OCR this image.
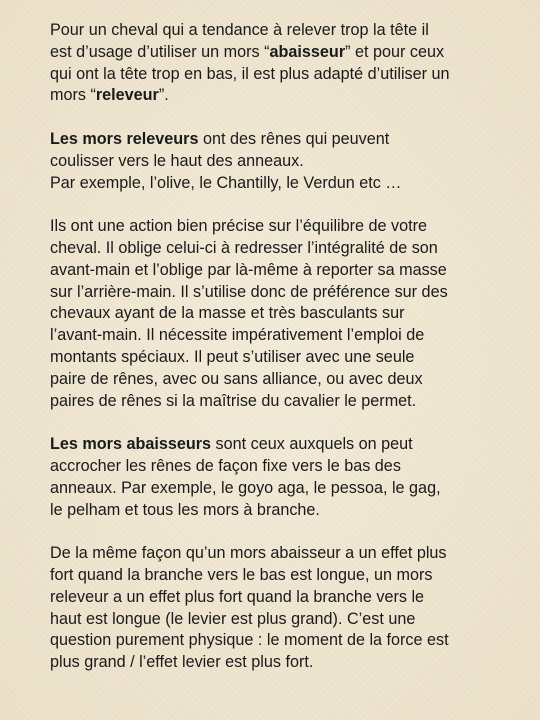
Pour un cheval qui a tendance à relever trop la tête il
est d’usage d’utiliser un mors “abaisseur” et pour ceux
qui ont la tête trop en bas, il est plus adapté d’utiliser un
mors “releveur”.

Les mors releveurs ont des rênes qui peuvent
coulisser vers le haut des anneaux.
Par exemple, l’olive, le Chantilly, le Verdun etc …

Ils ont une action bien précise sur l’équilibre de votre
cheval. Il oblige celui-ci à redresser l’intégralité de son
avant-main et l’oblige par là-même à reporter sa masse
sur l’arrière-main. Il s’utilise donc de préférence sur des
chevaux ayant de la masse et très basculants sur
l’avant-main. Il nécessite impérativement l’emploi de
montants spéciaux. Il peut s’utiliser avec une seule
paire de rênes, avec ou sans alliance, ou avec deux
paires de rênes si la maîtrise du cavalier le permet.

Les mors abaisseurs sont ceux auxquels on peut
accrocher les rênes de façon fixe vers le bas des
anneaux. Par exemple, le goyo aga, le pessoa, le gag,
le pelham et tous les mors à branche.

De la même façon qu’un mors abaisseur a un effet plus
fort quand la branche vers le bas est longue, un mors
releveur a un effet plus fort quand la branche vers le
haut est longue (le levier est plus grand). C’est une
question purement physique : le moment de la force est
plus grand / l’effet levier est plus fort.
